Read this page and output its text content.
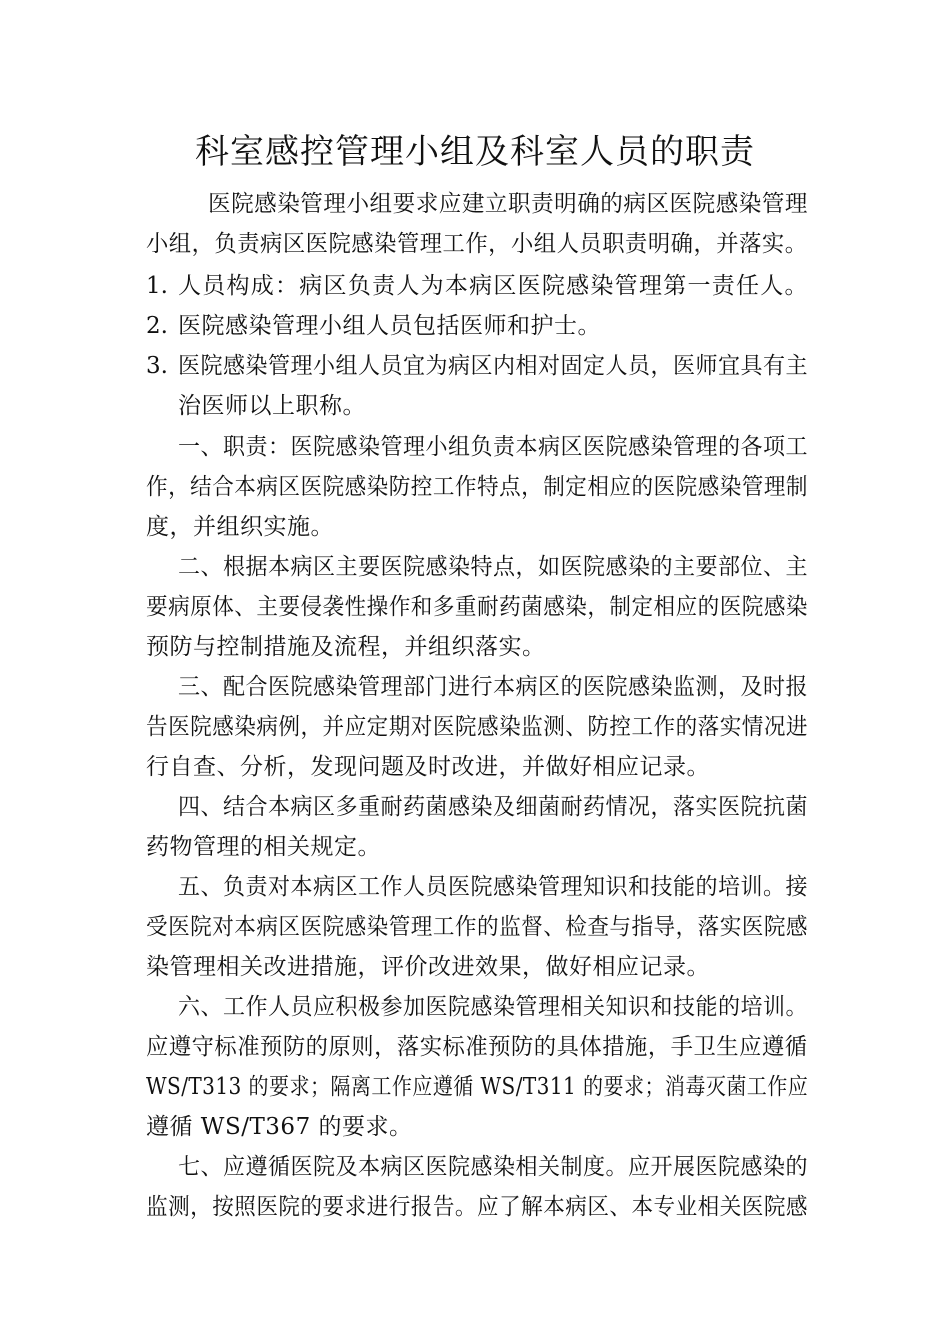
科室感控管理小组及科室人员的职责
医院感染管理小组要求应建立职责明确的病区医院感染管理
小组，负责病区医院感染管理工作，小组人员职责明确，并落实。
1. 人员构成：病区负责人为本病区医院感染管理第一责任人。
2. 医院感染管理小组人员包括医师和护士。
3. 医院感染管理小组人员宜为病区内相对固定人员，医师宜具有主
治医师以上职称。
一、职责：医院感染管理小组负责本病区医院感染管理的各项工
作，结合本病区医院感染防控工作特点，制定相应的医院感染管理制
度，并组织实施。
二、根据本病区主要医院感染特点，如医院感染的主要部位、主
要病原体、主要侵袭性操作和多重耐药菌感染，制定相应的医院感染
预防与控制措施及流程，并组织落实。
三、配合医院感染管理部门进行本病区的医院感染监测，及时报
告医院感染病例，并应定期对医院感染监测、防控工作的落实情况进
行自查、分析，发现问题及时改进，并做好相应记录。
四、结合本病区多重耐药菌感染及细菌耐药情况，落实医院抗菌
药物管理的相关规定。
五、负责对本病区工作人员医院感染管理知识和技能的培训。接
受医院对本病区医院感染管理工作的监督、检查与指导，落实医院感
染管理相关改进措施，评价改进效果，做好相应记录。
六、工作人员应积极参加医院感染管理相关知识和技能的培训。
应遵守标准预防的原则，落实标准预防的具体措施，手卫生应遵循
WS/T313 的要求；隔离工作应遵循 WS/T311 的要求；消毒灭菌工作应
遵循 WS/T367 的要求。
七、应遵循医院及本病区医院感染相关制度。应开展医院感染的
监测，按照医院的要求进行报告。应了解本病区、本专业相关医院感
